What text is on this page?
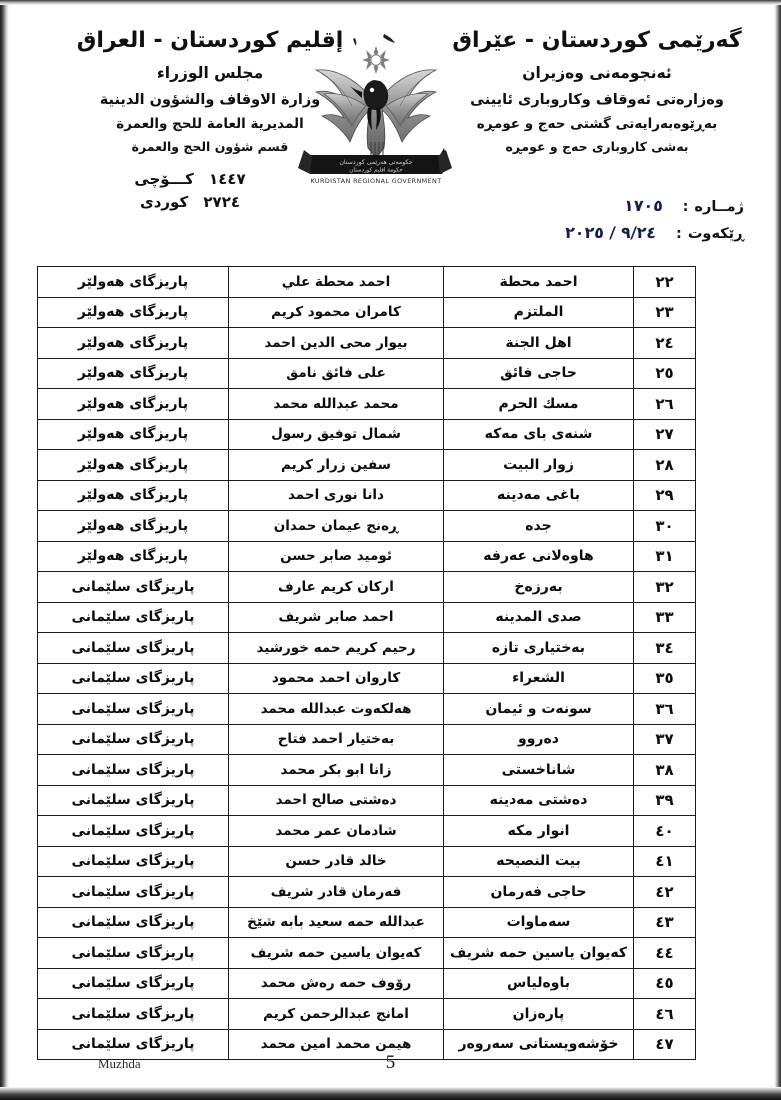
إقليم كوردستان - العراق
مجلس الوزراء
وزارة الاوقاف والشؤون الدينية
المديرية العامة للحج والعمرة
قسم شؤون الحج والعمرة
١٤٤٧ كـــۆچی
٢٧٢٤ كوردی
حكومەتی هەرێمی كوردستان
حكومة اقليم كوردستان
KURDISTAN REGIONAL GOVERNMENT
گەرێمی کوردستان - عێراق
ئه‌نجومه‌نی وه‌زیران
وه‌زاره‌تی ئه‌وقاف وکاروباری ئایینی
به‌ڕێوه‌به‌رایه‌تی گشتی حه‌ج و عومڕه
به‌شی کاروباری حه‌ج و عومڕه
ژمــاره
:
١٧٠٥
ڕێکەوت
:
٩/٢٤ / ٢٠٢٥
٢٢	احمد محطة	احمد محطة علي	پاریزگای هەولێر
٢٣	الملتزم	کامران محمود کریم	پاریزگای هەولێر
٢٤	اهل الجنة	بیوار محی الدین احمد	پاریزگای هەولێر
٢٥	حاجی فائق	علی فائق نامق	پاریزگای هەولێر
٢٦	مسك الحرم	محمد عبدالله محمد	پاریزگای هەولێر
٢٧	شنەی بای مەکه	شمال توفیق رسول	پاریزگای هەولێر
٢٨	زوار البیت	سفین زرار کریم	پاریزگای هەولێر
٢٩	باغی مەدینه	دانا نوری احمد	پاریزگای هەولێر
٣٠	جده	ڕەنج عیمان حمدان	پاریزگای هەولێر
٣١	هاوەلانی عەرفه	ئومید صابر حسن	پاریزگای هەولێر
٣٢	بەرزەخ	ارکان کریم عارف	پاریزگای سلێمانی
٣٣	صدی المدینه	احمد صابر شریف	پاریزگای سلێمانی
٣٤	بەختیاری تازه	رحیم کریم حمه خورشید	پاریزگای سلێمانی
٣٥	الشعراء	کاروان احمد محمود	پاریزگای سلێمانی
٣٦	سونەت و ئیمان	هەلکەوت عبدالله محمد	پاریزگای سلێمانی
٣٧	دەروو	بەختیار احمد فتاح	پاریزگای سلێمانی
٣٨	شاناخستی	زانا ابو بکر محمد	پاریزگای سلێمانی
٣٩	دەشتی مەدینه	دەشتی صالح احمد	پاریزگای سلێمانی
٤٠	انوار مکه	شادمان عمر محمد	پاریزگای سلێمانی
٤١	بیت النصیحه	خالد قادر حسن	پاریزگای سلێمانی
٤٢	حاجی فەرمان	فەرمان قادر شریف	پاریزگای سلێمانی
٤٣	سەماوات	عبدالله حمه سعید بابه شێخ	پاریزگای سلێمانی
٤٤	کەیوان یاسین حمه شریف	کەیوان یاسین حمه شریف	پاریزگای سلێمانی
٤٥	باوەلیاس	رۆوف حمه رەش محمد	پاریزگای سلێمانی
٤٦	پارەزان	امانج عبدالرحمن کریم	پاریزگای سلێمانی
٤٧	خۆشەویستانی سەروەر	هیمن محمد امین محمد	پاریزگای سلێمانی
Muzhda	5
